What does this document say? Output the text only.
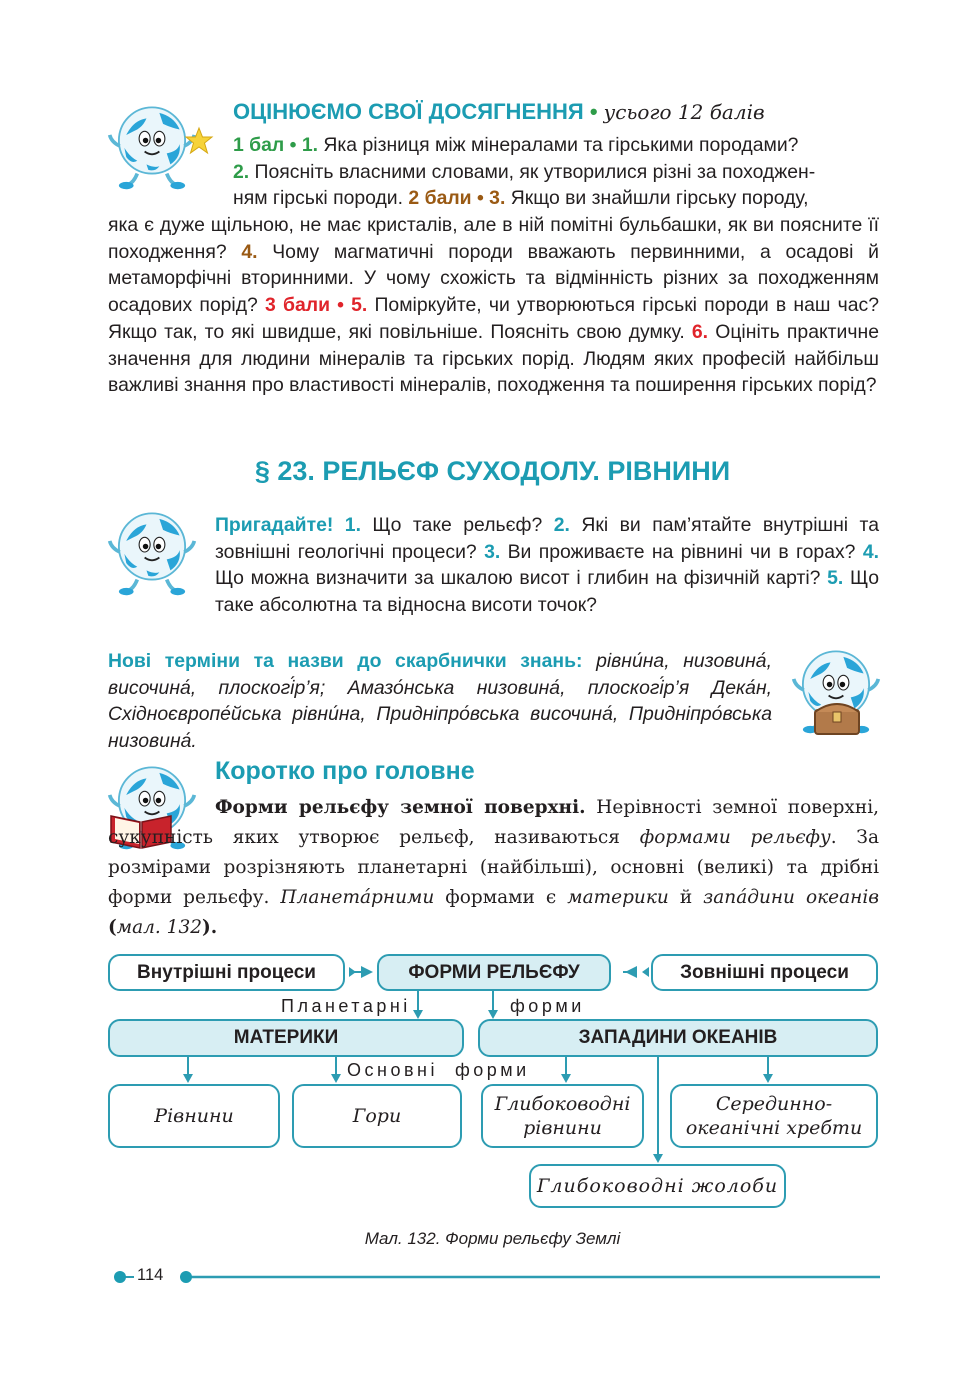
ОЦІНЮЄМО СВОЇ ДОСЯГНЕННЯ • усього 12 балів
1 бал • 1. Яка різниця між мінералами та гірськими породами?
2. Поясніть власними словами, як утворилися різні за походжен-
ням гірські породи. 2 бали • 3. Якщо ви знайшли гірську породу,
яка є дуже щільною, не має кристалів, але в ній помітні бульбашки, як ви поясните її походження? 4. Чому магматичні породи вважають первинними, а осадові й метаморфічні вторинними. У чому схожість та відмінність різних за походженням осадових порід? 3 бали • 5. Поміркуйте, чи утворюються гірські породи в наш час? Якщо так, то які швидше, які повільніше. Поясніть свою думку. 6. Оцініть практичне значення для людини мінералів та гірських порід. Людям яких професій найбільш важливі знання про властивості мінералів, походження та поширення гірських порід?
§ 23. РЕЛЬЄФ СУХОДОЛУ. РІВНИНИ
Пригадайте! 1. Що таке рельєф? 2. Які ви пам’ятайте внутрішні та зовнішні геологічні процеси? 3. Ви проживаєте на рівнині чи в горах? 4. Що можна визначити за шкалою висот і глибин на фізичній карті? 5. Що таке абсолютна та відносна висоти точок?
Нові терміни та назви до скарбнички знань: рівни́на, низовина́, височина́, плоскогі́р’я; Амазо́нська низовина́, плоскогі́р’я Дека́н, Східноєвропе́йська рівни́на, Придніпро́вська височина́, Придніпро́вська низовина́.
Коротко про головне
Форми рельєфу земної поверхні. Нерівності земної поверхні, сукупність яких утворює рельєф, називаються формами рельєфу. За розмірами розрізняють планетарні (найбільші), основні (великі) та дрібні форми рельєфу. Планета́рними формами є материки й запа́дини океанів (мал. 132).
Внутрішні процеси	ФОРМИ РЕЛЬЄФУ	Зовнішні процеси
Планетарні	форми
МАТЕРИКИ	ЗАПАДИНИ ОКЕАНІВ
Основні  форми
Рівнини	Гори
Глибоководні рівнини
Серединно-
океанічні хребти
Глибоководні жолоби
Мал. 132. Форми рельєфу Землі
114
